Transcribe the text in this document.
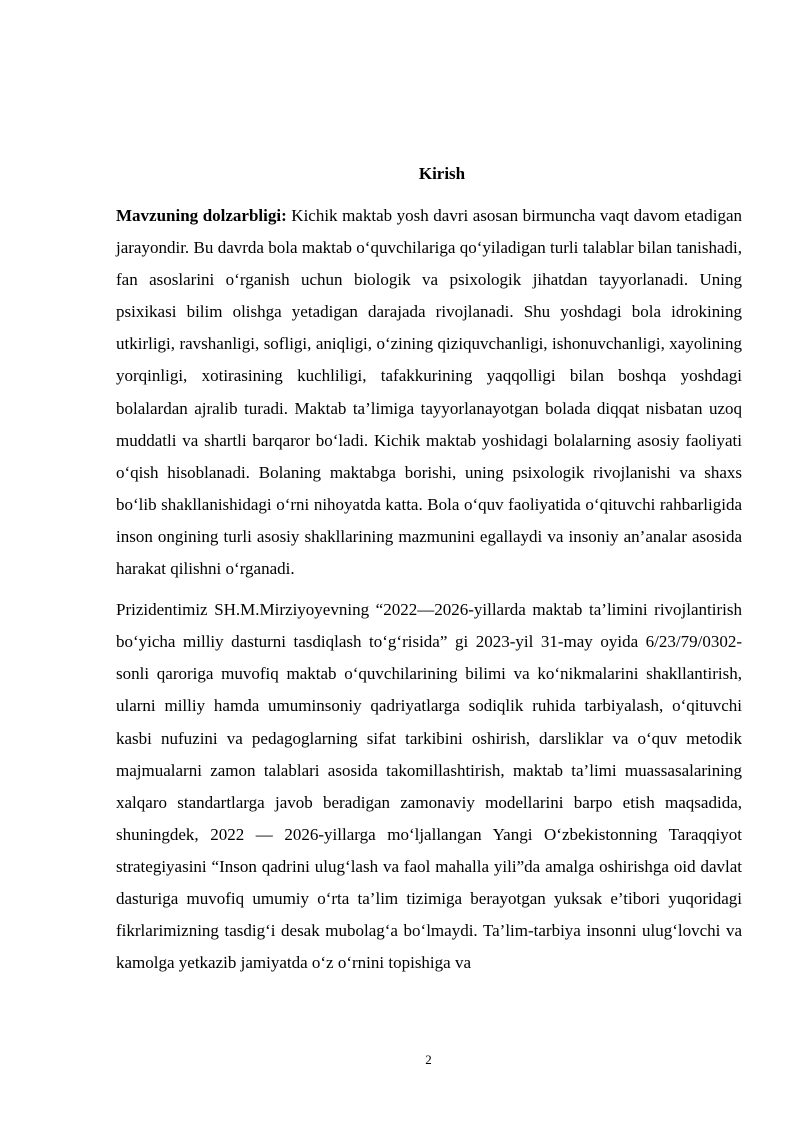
Kirish

Mavzuning dolzarbligi: Kichik maktab yosh davri asosan birmuncha vaqt davom etadigan jarayondir. Bu davrda bola maktab o‘quvchilariga qo‘yiladigan turli talablar bilan tanishadi, fan asoslarini o‘rganish uchun biologik va psixologik jihatdan tayyorlanadi. Uning psixikasi bilim olishga yetadigan darajada rivojlanadi. Shu yoshdagi bola idrokining utkirligi, ravshanligi, sofligi, aniqligi, o‘zining qiziquvchanligi, ishonuvchanligi, xayolining yorqinligi, xotirasining kuchliligi, tafakkurining yaqqolligi bilan boshqa yoshdagi bolalardan ajralib turadi. Maktab ta’limiga tayyorlanayotgan bolada diqqat nisbatan uzoq muddatli va shartli barqaror bo‘ladi. Kichik maktab yoshidagi bolalarning asosiy faoliyati o‘qish hisoblanadi. Bolaning maktabga borishi, uning psixologik rivojlanishi va shaxs bo‘lib shakllanishidagi o‘rni nihoyatda katta. Bola o‘quv faoliyatida o‘qituvchi rahbarligida inson ongining turli asosiy shakllarining mazmunini egallaydi va insoniy an’analar asosida harakat qilishni o‘rganadi.

Prizidentimiz SH.M.Mirziyoyevning “2022—2026-yillarda maktab ta’limini rivojlantirish bo‘yicha milliy dasturni tasdiqlash to‘g‘risida” gi 2023-yil 31-may oyida 6/23/79/0302-sonli qaroriga muvofiq maktab o‘quvchilarining bilimi va ko‘nikmalarini shakllantirish, ularni milliy hamda umuminsoniy qadriyatlarga sodiqlik ruhida tarbiyalash, o‘qituvchi kasbi nufuzini va pedagoglarning sifat tarkibini oshirish, darsliklar va o‘quv metodik majmualarni zamon talablari asosida takomillashtirish, maktab ta’limi muassasalarining xalqaro standartlarga javob beradigan zamonaviy modellarini barpo etish maqsadida, shuningdek, 2022 — 2026-yillarga mo‘ljallangan Yangi O‘zbekistonning Taraqqiyot strategiyasini “Inson qadrini ulug‘lash va faol mahalla yili”da amalga oshirishga oid davlat dasturiga muvofiq umumiy o‘rta ta’lim tizimiga berayotgan yuksak e’tibori yuqoridagi fikrlarimizning tasdig‘i desak mubolag‘a bo‘lmaydi. Ta’lim-tarbiya insonni ulug‘lovchi va kamolga yetkazib jamiyatda o‘z o‘rnini topishiga va

2
